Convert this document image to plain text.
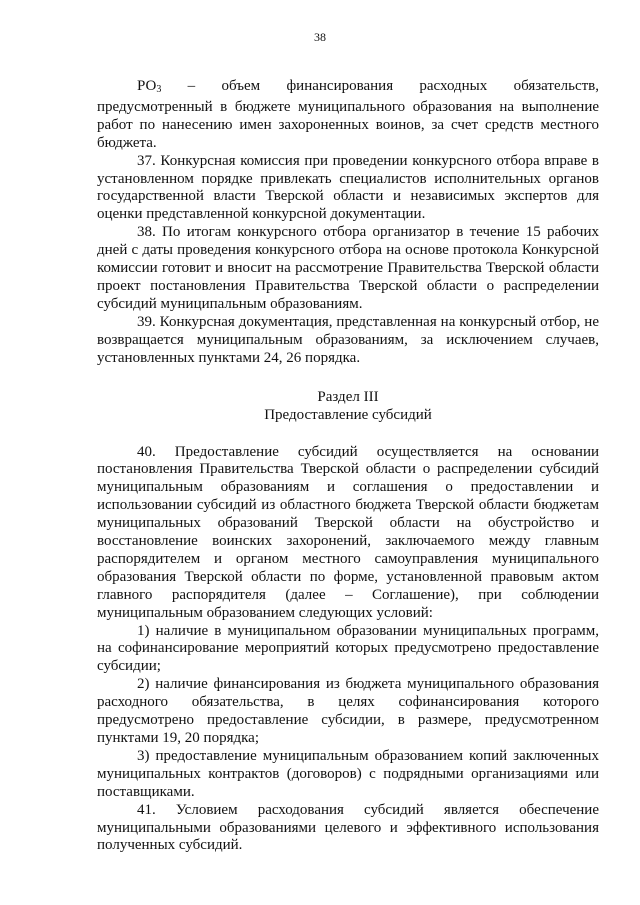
38

$РО_3$ – объем финансирования расходных обязательств, предусмотренный в бюджете муниципального образования на выполнение работ по нанесению имен захороненных воинов, за счет средств местного бюджета.

37. Конкурсная комиссия при проведении конкурсного отбора вправе в установленном порядке привлекать специалистов исполнительных органов государственной власти Тверской области и независимых экспертов для оценки представленной конкурсной документации.

38. По итогам конкурсного отбора организатор в течение 15 рабочих дней с даты проведения конкурсного отбора на основе протокола Конкурсной комиссии готовит и вносит на рассмотрение Правительства Тверской области проект постановления Правительства Тверской области о распределении субсидий муниципальным образованиям.

39. Конкурсная документация, представленная на конкурсный отбор, не возвращается муниципальным образованиям, за исключением случаев, установленных пунктами 24, 26 порядка.

Раздел III
Предоставление субсидий

40. Предоставление субсидий осуществляется на основании постановления Правительства Тверской области о распределении субсидий муниципальным образованиям и соглашения о предоставлении и использовании субсидий из областного бюджета Тверской области бюджетам муниципальных образований Тверской области на обустройство и восстановление воинских захоронений, заключаемого между главным распорядителем и органом местного самоуправления муниципального образования Тверской области по форме, установленной правовым актом главного распорядителя (далее – Соглашение), при соблюдении муниципальным образованием следующих условий:

1) наличие в муниципальном образовании муниципальных программ, на софинансирование мероприятий которых предусмотрено предоставление субсидии;

2) наличие финансирования из бюджета муниципального образования расходного обязательства, в целях софинансирования которого предусмотрено предоставление субсидии, в размере, предусмотренном пунктами 19, 20 порядка;

3) предоставление муниципальным образованием копий заключенных муниципальных контрактов (договоров) с подрядными организациями или поставщиками.

41. Условием расходования субсидий является обеспечение муниципальными образованиями целевого и эффективного использования полученных субсидий.
